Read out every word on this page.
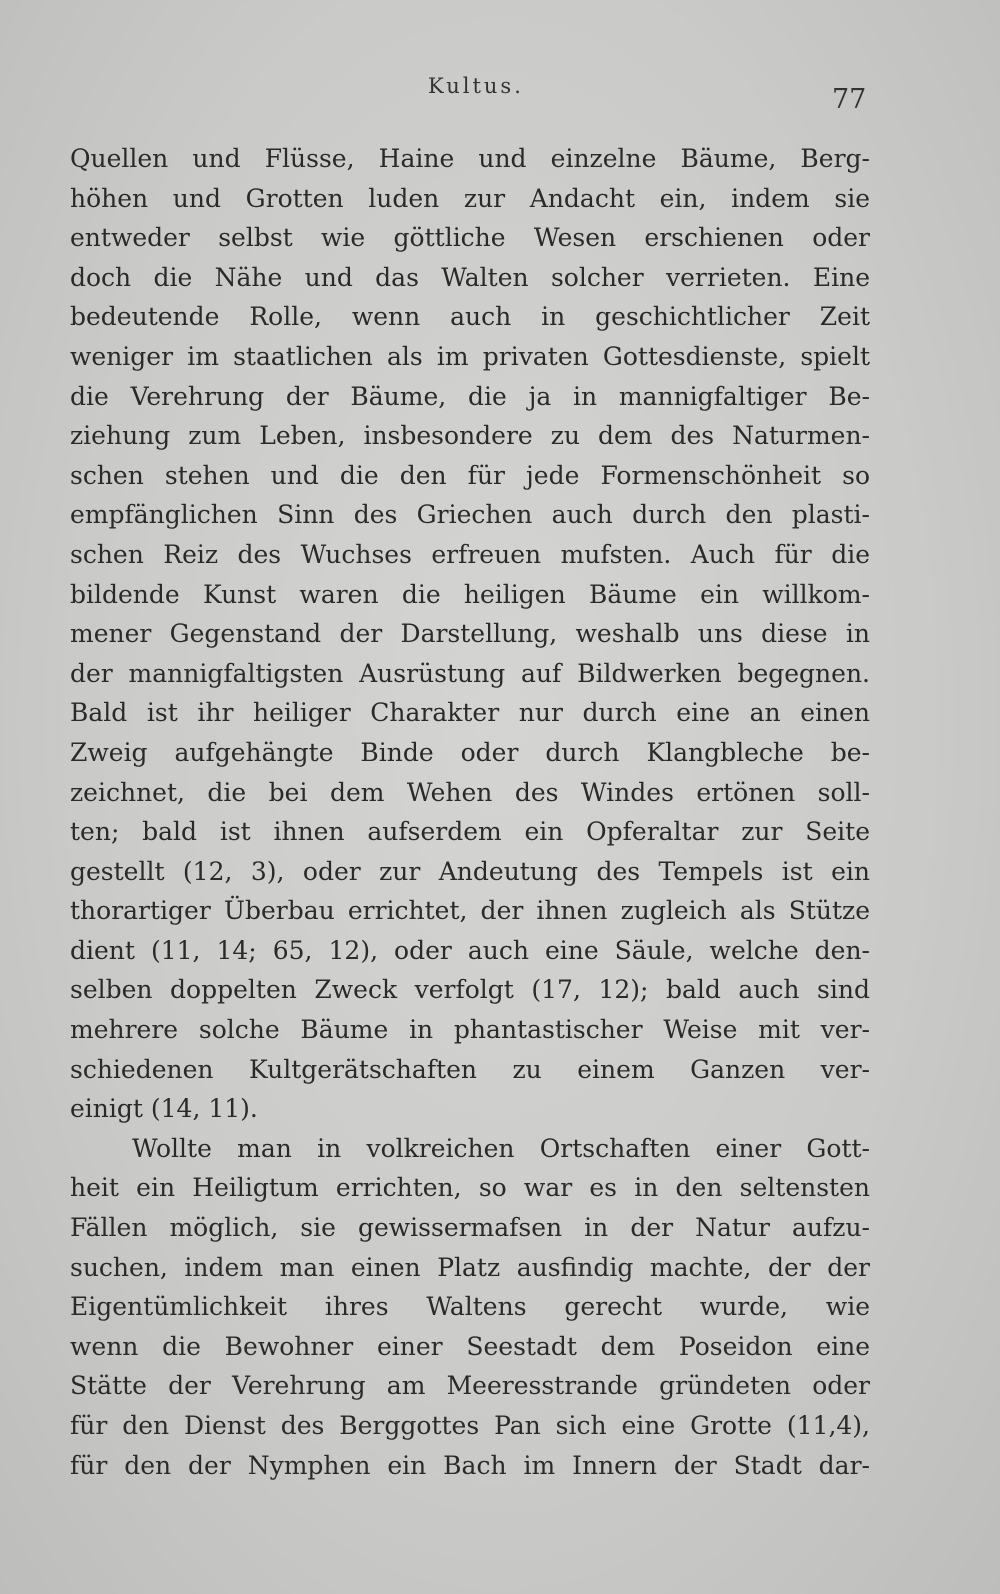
Kultus.	77
Quellen und Flüsse, Haine und einzelne Bäume, Berg-
höhen und Grotten luden zur Andacht ein, indem sie
entweder selbst wie göttliche Wesen erschienen oder
doch die Nähe und das Walten solcher verrieten. Eine
bedeutende Rolle, wenn auch in geschichtlicher Zeit
weniger im staatlichen als im privaten Gottesdienste, spielt
die Verehrung der Bäume, die ja in mannigfaltiger Be-
ziehung zum Leben, insbesondere zu dem des Naturmen-
schen stehen und die den für jede Formenschönheit so
empfänglichen Sinn des Griechen auch durch den plasti-
schen Reiz des Wuchses erfreuen mufsten. Auch für die
bildende Kunst waren die heiligen Bäume ein willkom-
mener Gegenstand der Darstellung, weshalb uns diese in
der mannigfaltigsten Ausrüstung auf Bildwerken begegnen.
Bald ist ihr heiliger Charakter nur durch eine an einen
Zweig aufgehängte Binde oder durch Klangbleche be-
zeichnet, die bei dem Wehen des Windes ertönen soll-
ten; bald ist ihnen aufserdem ein Opferaltar zur Seite
gestellt (12, 3), oder zur Andeutung des Tempels ist ein
thorartiger Überbau errichtet, der ihnen zugleich als Stütze
dient (11, 14; 65, 12), oder auch eine Säule, welche den-
selben doppelten Zweck verfolgt (17, 12); bald auch sind
mehrere solche Bäume in phantastischer Weise mit ver-
schiedenen Kultgerätschaften zu einem Ganzen ver-
einigt (14, 11).
Wollte man in volkreichen Ortschaften einer Gott-
heit ein Heiligtum errichten, so war es in den seltensten
Fällen möglich, sie gewissermafsen in der Natur aufzu-
suchen, indem man einen Platz ausfindig machte, der der
Eigentümlichkeit ihres Waltens gerecht wurde, wie
wenn die Bewohner einer Seestadt dem Poseidon eine
Stätte der Verehrung am Meeresstrande gründeten oder
für den Dienst des Berggottes Pan sich eine Grotte (11,4),
für den der Nymphen ein Bach im Innern der Stadt dar-
